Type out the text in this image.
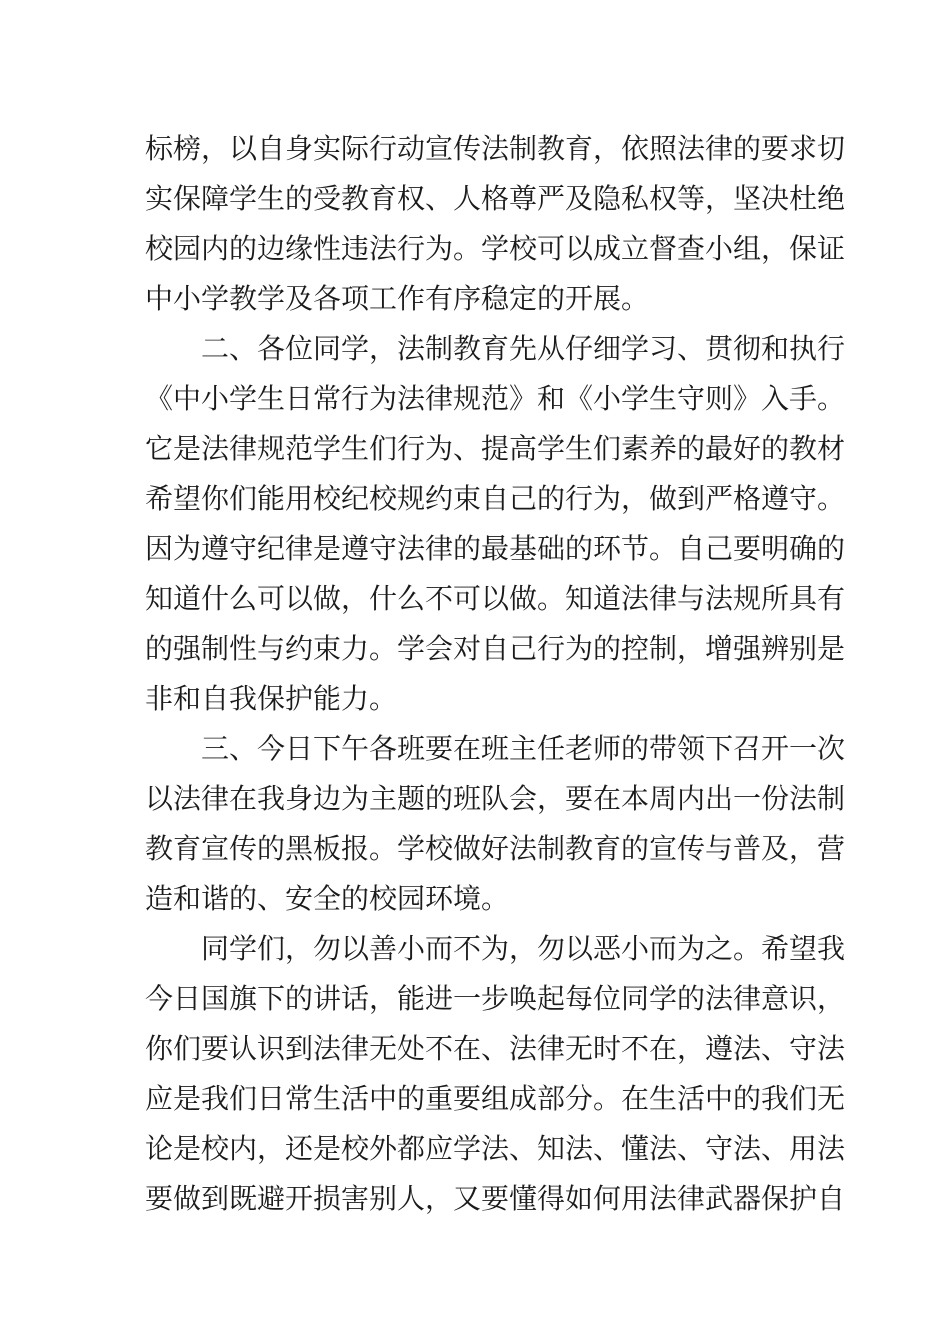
标榜，以自身实际行动宣传法制教育，依照法律的要求切
实保障学生的受教育权、人格尊严及隐私权等，坚决杜绝
校园内的边缘性违法行为。学校可以成立督查小组，保证
中小学教学及各项工作有序稳定的开展。
　　二、各位同学，法制教育先从仔细学习、贯彻和执行
《中小学生日常行为法律规范》和《小学生守则》入手。
它是法律规范学生们行为、提高学生们素养的最好的教材
希望你们能用校纪校规约束自己的行为，做到严格遵守。
因为遵守纪律是遵守法律的最基础的环节。自己要明确的
知道什么可以做，什么不可以做。知道法律与法规所具有
的强制性与约束力。学会对自己行为的控制，增强辨别是
非和自我保护能力。
　　三、今日下午各班要在班主任老师的带领下召开一次
以法律在我身边为主题的班队会，要在本周内出一份法制
教育宣传的黑板报。学校做好法制教育的宣传与普及，营
造和谐的、安全的校园环境。
　　同学们，勿以善小而不为，勿以恶小而为之。希望我
今日国旗下的讲话，能进一步唤起每位同学的法律意识，
你们要认识到法律无处不在、法律无时不在，遵法、守法
应是我们日常生活中的重要组成部分。在生活中的我们无
论是校内，还是校外都应学法、知法、懂法、守法、用法
要做到既避开损害别人，又要懂得如何用法律武器保护自
